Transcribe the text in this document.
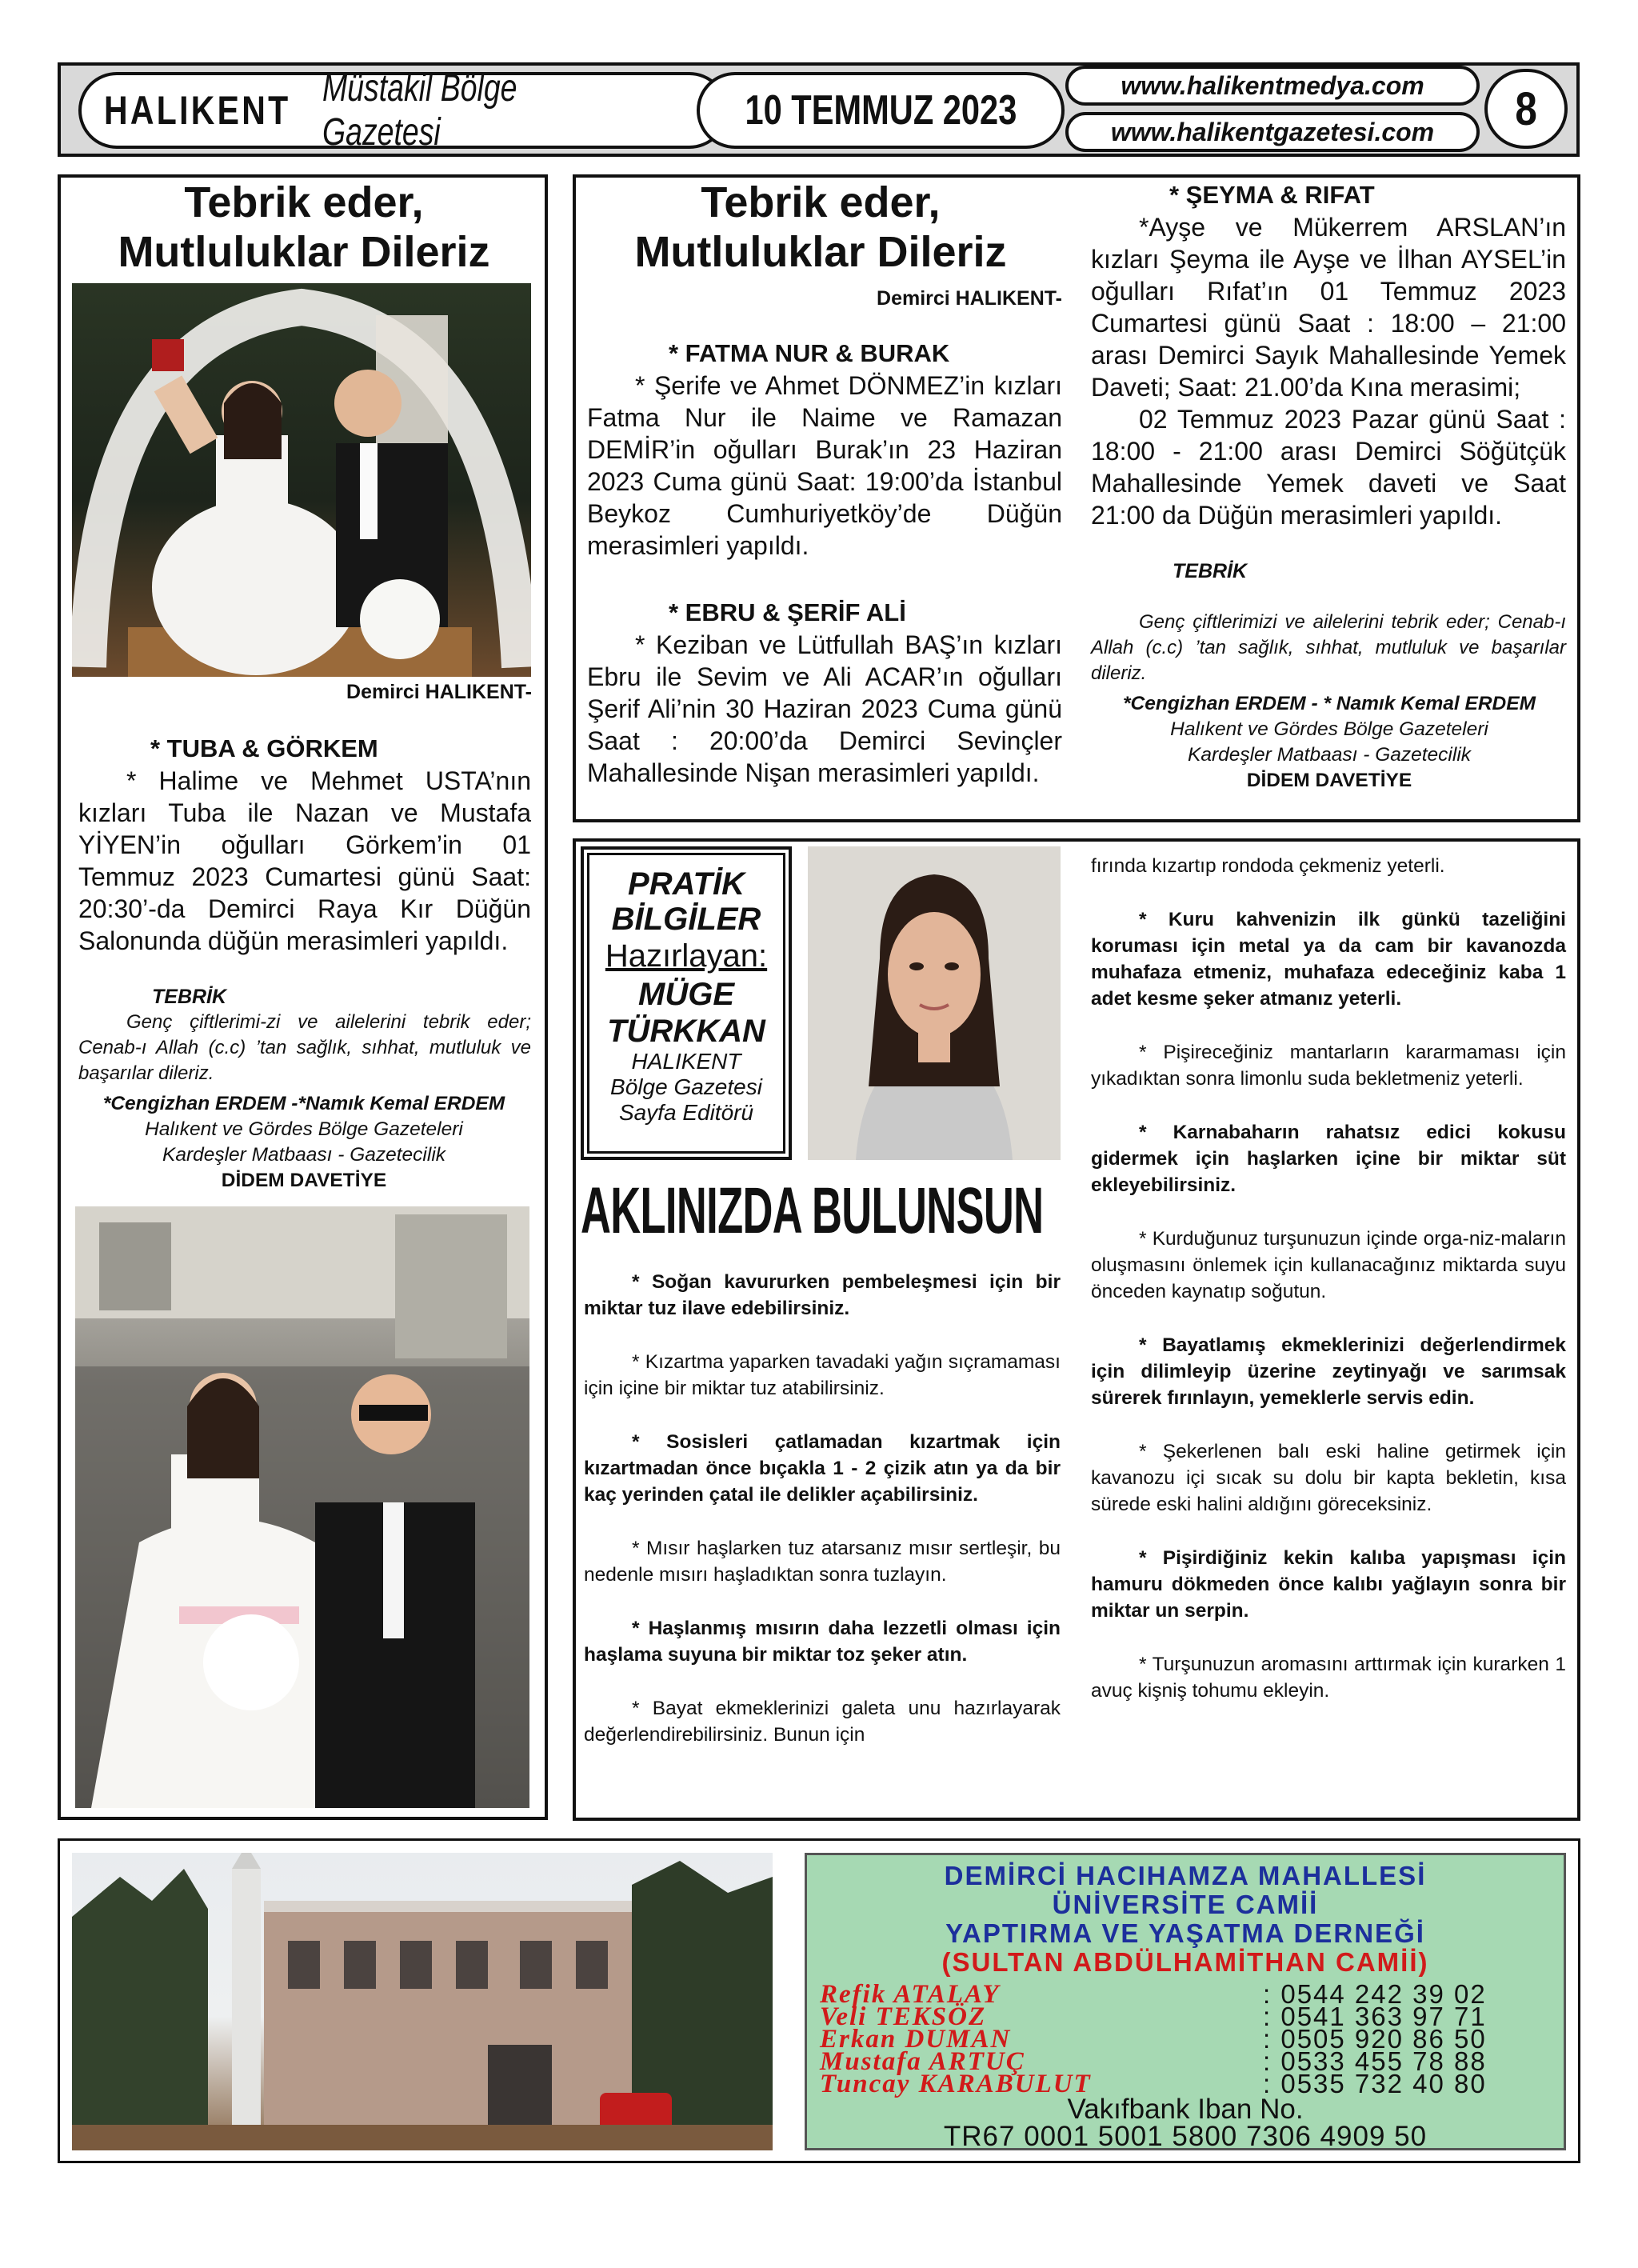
HALIKENT Müstakil Bölge Gazetesi	10 TEMMUZ 2023
www.halikentmedya.com
www.halikentgazetesi.com 8
Tebrik eder,
Mutluluklar Dileriz
Demirci HALIKENT-
* TUBA & GÖRKEM
* Halime ve Mehmet USTA’nın kızları Tuba ile Nazan ve Mustafa YİYEN’in oğulları Görkem’in 01 Temmuz 2023 Cumartesi günü Saat: 20:30’-da Demirci Raya Kır Düğün Salonunda düğün merasimleri yapıldı.
TEBRİK
Genç çiftlerimi-zi ve ailelerini tebrik eder; Cenab-ı Allah (c.c) ’tan sağlık, sıhhat, mutluluk ve başarılar dileriz.
*Cengizhan ERDEM -*Namık Kemal ERDEM
Halıkent ve Gördes Bölge Gazeteleri
Kardeşler Matbaası - Gazetecilik
DİDEM DAVETİYE
Tebrik eder,
Mutluluklar Dileriz
Demirci HALIKENT-
* FATMA NUR & BURAK
* Şerife ve Ahmet DÖNMEZ’in kızları Fatma Nur ile Naime ve Ramazan DEMİR’in oğulları Burak’ın 23 Haziran 2023 Cuma günü Saat: 19:00’da İstanbul Beykoz Cumhuriyetköy’de Düğün merasimleri yapıldı.
* EBRU & ŞERİF ALİ
* Keziban ve Lütfullah BAŞ’ın kızları Ebru ile Sevim ve Ali ACAR’ın oğulları Şerif Ali’nin 30 Haziran 2023 Cuma günü Saat : 20:00’da Demirci Sevinçler Mahallesinde Nişan merasimleri yapıldı.
* ŞEYMA & RIFAT
*Ayşe ve Mükerrem ARSLAN’ın kızları Şeyma ile Ayşe ve İlhan AYSEL’in oğulları Rıfat’ın 01 Temmuz 2023 Cumartesi günü Saat : 18:00 – 21:00 arası Demirci Sayık Mahallesinde Yemek Daveti; Saat: 21.00’da Kına merasimi;
02 Temmuz 2023 Pazar günü Saat : 18:00 - 21:00 arası Demirci Söğütçük Mahallesinde Yemek daveti ve Saat 21:00 da Düğün merasimleri yapıldı.
TEBRİK
Genç çiftlerimizi ve ailelerini tebrik eder; Cenab-ı Allah (c.c) ’tan sağlık, sıhhat, mutluluk ve başarılar dileriz.
*Cengizhan ERDEM - * Namık Kemal ERDEM
Halıkent ve Gördes Bölge Gazeteleri
Kardeşler Matbaası - Gazetecilik
DİDEM DAVETİYE
PRATİK
BİLGİLER
Hazırlayan:
MÜGE
TÜRKKAN
HALIKENT
Bölge Gazetesi
Sayfa Editörü
AKLINIZDA BULUNSUN
* Soğan kavururken pembeleşmesi için bir miktar tuz ilave edebilirsiniz.
* Kızartma yaparken tavadaki yağın sıçramaması için içine bir miktar tuz atabilirsiniz.
* Sosisleri çatlamadan kızartmak için kızartmadan önce bıçakla 1 - 2 çizik atın ya da bir kaç yerinden çatal ile delikler açabilirsiniz.
* Mısır haşlarken tuz atarsanız mısır sertleşir, bu nedenle mısırı haşladıktan sonra tuzlayın.
* Haşlanmış mısırın daha lezzetli olması için haşlama suyuna bir miktar toz şeker atın.
* Bayat ekmeklerinizi galeta unu hazırlayarak değerlendirebilirsiniz. Bunun için
fırında kızartıp rondoda çekmeniz yeterli.
* Kuru kahvenizin ilk günkü tazeliğini koruması için metal ya da cam bir kavanozda muhafaza etmeniz, muhafaza edeceğiniz kaba 1 adet kesme şeker atmanız yeterli.
* Pişireceğiniz mantarların kararmaması için yıkadıktan sonra limonlu suda bekletmeniz yeterli.
* Karnabaharın rahatsız edici kokusu gidermek için haşlarken içine bir miktar süt ekleyebilirsiniz.
* Kurduğunuz turşunuzun içinde orga-niz-maların oluşmasını önlemek için kullanacağınız miktarda suyu önceden kaynatıp soğutun.
* Bayatlamış ekmeklerinizi değerlendirmek için dilimleyip üzerine zeytinyağı ve sarımsak sürerek fırınlayın, yemeklerle servis edin.
* Şekerlenen balı eski haline getirmek için kavanozu içi sıcak su dolu bir kapta bekletin, kısa sürede eski halini aldığını göreceksiniz.
* Pişirdiğiniz kekin kalıba yapışması için hamuru dökmeden önce kalıbı yağlayın sonra bir miktar un serpin.
* Turşunuzun aromasını arttırmak için kurarken 1 avuç kişniş tohumu ekleyin.
DEMİRCİ HACIHAMZA MAHALLESİ
ÜNİVERSİTE CAMİİ
YAPTIRMA VE YAŞATMA DERNEĞİ
(SULTAN ABDÜLHAMİTHAN CAMİİ)
Refik ATALAY	: 0544 242 39 02
Veli TEKSÖZ	: 0541 363 97 71
Erkan DUMAN	: 0505 920 86 50
Mustafa ARTUÇ	: 0533 455 78 88
Tuncay KARABULUT	: 0535 732 40 80
Vakıfbank Iban No.
TR67 0001 5001 5800 7306 4909 50
